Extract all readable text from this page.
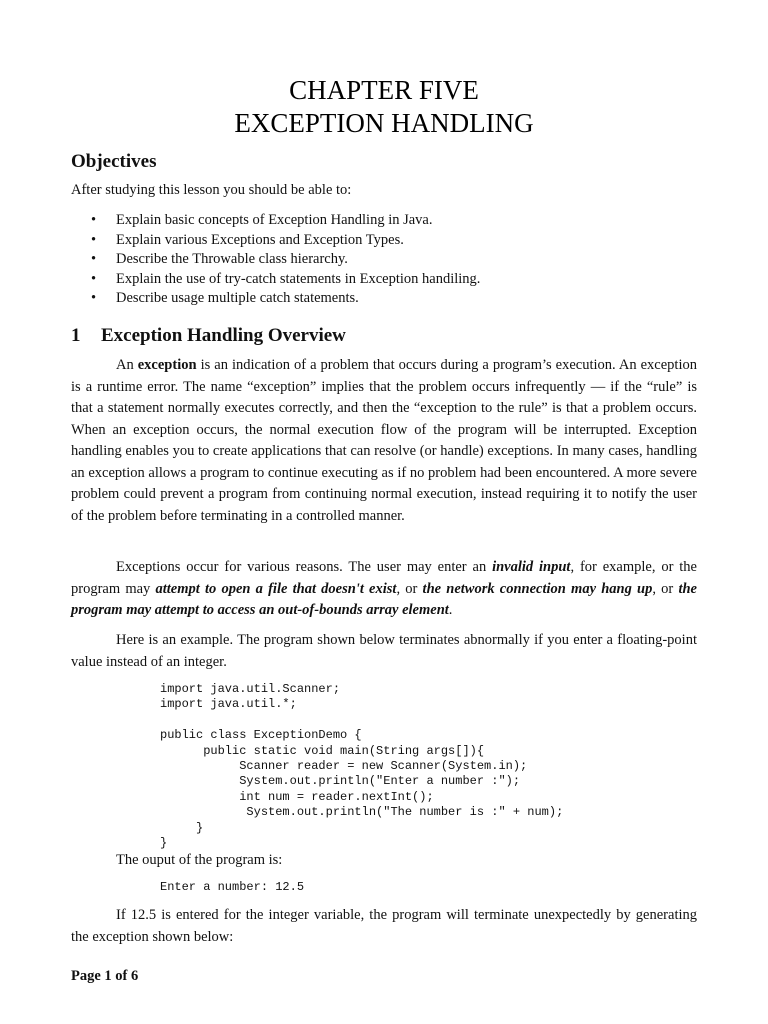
CHAPTER FIVE
EXCEPTION HANDLING
Objectives

After studying this lesson you should be able to:

• Explain basic concepts of Exception Handling in Java.
• Explain various Exceptions and Exception Types.
• Describe the Throwable class hierarchy.
• Explain the use of try-catch statements in Exception handiling.
• Describe usage multiple catch statements.
1 Exception Handling Overview

An exception is an indication of a problem that occurs during a program’s execution. An exception is a runtime error. The name “exception” implies that the problem occurs infrequently — if the “rule” is that a statement normally executes correctly, and then the “exception to the rule” is that a problem occurs. When an exception occurs, the normal execution flow of the program will be interrupted. Exception handling enables you to create applications that can resolve (or handle) exceptions. In many cases, handling an exception allows a program to continue executing as if no problem had been encountered. A more severe problem could prevent a program from continuing normal execution, instead requiring it to notify the user of the problem before terminating in a controlled manner.

Exceptions occur for various reasons. The user may enter an invalid input, for example, or the program may attempt to open a file that doesn't exist, or the network connection may hang up, or the program may attempt to access an out-of-bounds array element.

Here is an example. The program shown below terminates abnormally if you enter a floating-point value instead of an integer.

import java.util.Scanner;
import java.util.*;

public class ExceptionDemo {
public static void main(String args[]){
Scanner reader = new Scanner(System.in);
System.out.println("Enter a number :");
int num = reader.nextInt();
System.out.println("The number is :" + num);
}
}

The ouput of the program is:

Enter a number: 12.5

If 12.5 is entered for the integer variable, the program will terminate unexpectedly by generating the exception shown below:

Page 1 of 6
